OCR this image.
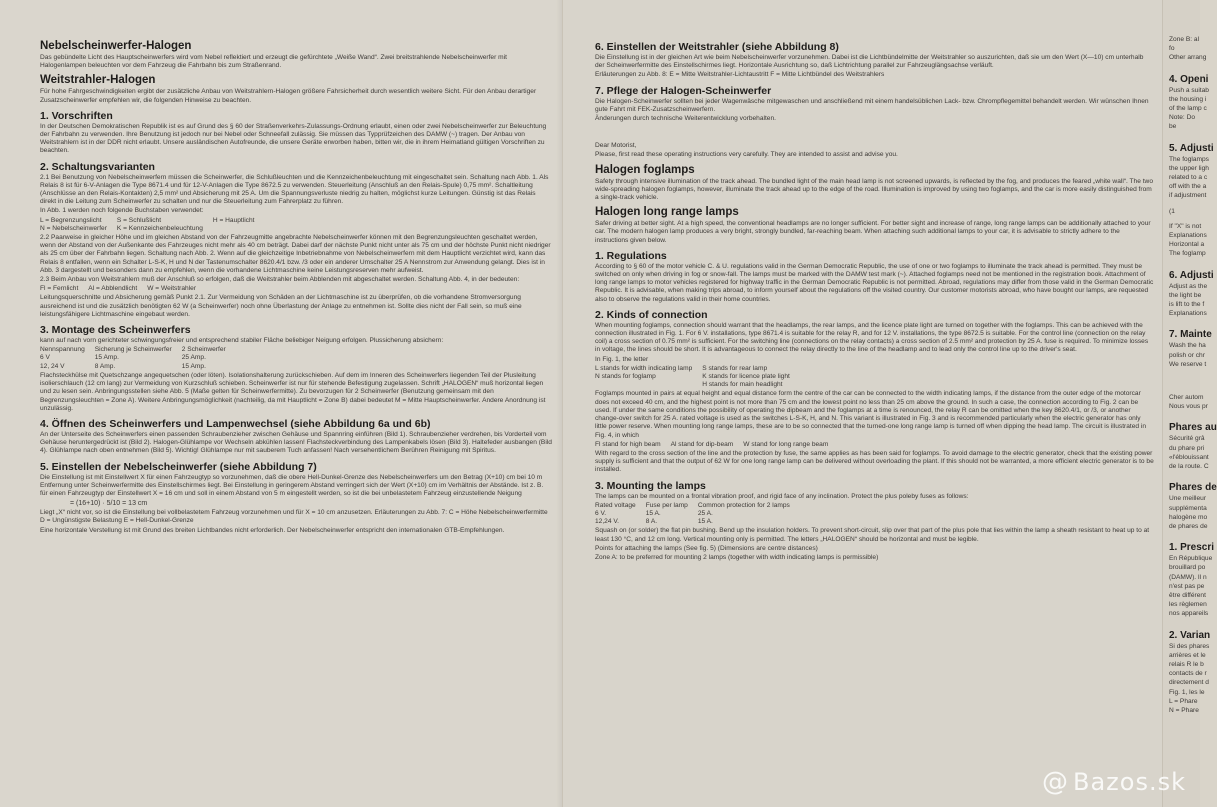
Nebelscheinwerfer-Halogen

Das gebündelte Licht des Hauptscheinwerfers wird vom Nebel reflektiert und erzeugt die gefürchtete „Weiße Wand“. Zwei breitstrahlende Nebelscheinwerfer mit Halogenlampen beleuchten vor dem Fahrzeug die Fahrbahn bis zum Straßenrand.

Weitstrahler-Halogen

Für hohe Fahrgeschwindigkeiten ergibt der zusätzliche Anbau von Weitstrahlern-Halogen größere Fahrsicherheit durch wesentlich weitere Sicht. Für den Anbau derartiger Zusatzscheinwerfer empfehlen wir, die folgenden Hinweise zu beachten.

1. Vorschriften

In der Deutschen Demokratischen Republik ist es auf Grund des § 60 der Straßenverkehrs-Zulassungs-Ordnung erlaubt, einen oder zwei Nebelscheinwerfer zur Beleuchtung der Fahrbahn zu verwenden. Ihre Benutzung ist jedoch nur bei Nebel oder Schneefall zulässig. Sie müssen das Typprüfzeichen des DAMW (~) tragen. Der Anbau von Weitstrahlern ist in der DDR nicht erlaubt. Unsere ausländischen Autofreunde, die unsere Geräte erworben haben, bitten wir, die in ihrem Heimatland gültigen Vorschriften zu beachten.

2. Schaltungsvarianten

2.1 Bei Benutzung von Nebelscheinwerfern müssen die Scheinwerfer, die Schlußleuchten und die Kennzeichenbeleuchtung mit eingeschaltet sein. Schaltung nach Abb. 1. Als Relais 8 ist für 6-V-Anlagen die Type 8671.4 und für 12-V-Anlagen die Type 8672.5 zu verwenden. Steuerleitung (Anschluß an den Relais-Spule) 0,75 mm². Schaltleitung (Anschlüsse an den Relais-Kontakten) 2,5 mm² und Absicherung mit 25 A. Um die Spannungsverluste niedrig zu halten, möglichst kurze Leitungen. Günstig ist das Relais direkt in die Leitung zum Scheinwerfer zu schalten und nur die Steuerleitung zum Fahrerplatz zu führen.

In Abb. 1 werden noch folgende Buchstaben verwendet:

L = Begrenzungslicht	S = Schlußlicht	H = Hauptlicht
N = Nebelscheinwerfer	K = Kennzeichenbeleuchtung	

2.2 Paarweise in gleicher Höhe und im gleichen Abstand von der Fahrzeugmitte angebrachte Nebelscheinwerfer können mit den Begrenzungsleuchten geschaltet werden, wenn der Abstand von der Außenkante des Fahrzeuges nicht mehr als 40 cm beträgt. Dabei darf der nächste Punkt nicht unter als 75 cm und der höchste Punkt nicht niedriger als 25 cm über der Fahrbahn liegen. Schaltung nach Abb. 2. Wenn auf die gleichzeitige Inbetriebnahme von Nebelscheinwerfern mit dem Hauptlicht verzichtet wird, kann das Relais 8 entfallen, wenn ein Schalter L-S-K, H und N der Tastenumschalter 8620.4/1 bzw. /3 oder ein anderer Umschalter 25 A Nennstrom zur Anwendung gelangt. Dies ist in Abb. 3 dargestellt und besonders dann zu empfehlen, wenn die vorhandene Lichtmaschine keine Leistungsreserven mehr aufweist.

2.3 Beim Anbau von Weitstrahlern muß der Anschluß so erfolgen, daß die Weitstrahler beim Abblenden mit abgeschaltet werden. Schaltung Abb. 4, in der bedeuten:

Fl = Fernlicht	Al = Abblendlicht	W = Weitstrahler

Leitungsquerschnitte und Absicherung gemäß Punkt 2.1. Zur Vermeidung von Schäden an der Lichtmaschine ist zu überprüfen, ob die vorhandene Stromversorgung ausreichend ist und die zusätzlich benötigten 62 W (a Scheinwerfer) noch ohne Überlastung der Anlage zu entnehmen ist. Sollte dies nicht der Fall sein, so muß eine leistungsfähigere Lichtmaschine eingebaut werden.

3. Montage des Scheinwerfers

kann auf nach vorn gerichteter schwingungsfreier und entsprechend stabiler Fläche beliebiger Neigung erfolgen. Plussicherung absichern:

Nennspannung	Sicherung je Scheinwerfer	2 Scheinwerfer
6 V	15 Amp.	25 Amp.
12, 24 V	8 Amp.	15 Amp.

Flachsteckhülse mit Quetschzange angequetschen (oder löten). Isolationshalterung zurückschieben. Auf dem im Inneren des Scheinwerfers liegenden Teil der Plusleitung isolierschlauch (12 cm lang) zur Vermeidung von Kurzschluß schieben. Scheinwerfer ist nur für stehende Befestigung zugelassen. Schrift „HALOGEN“ muß horizontal liegen und zu lesen sein. Anbringungsstellen siehe Abb. 5 (Maße gelten für Scheinwerfermitte). Zu bevorzugen für 2 Scheinwerfer (Benutzung gemeinsam mit den Begrenzungsleuchten = Zone A). Weitere Anbringungsmöglichkeit (nachteilig, da mit Hauptlicht = Zone B) dabei bedeutet M = Mitte Hauptscheinwerfer. Andere Anordnung ist unzulässig.

4. Öffnen des Scheinwerfers und Lampenwechsel (siehe Abbildung 6a und 6b)

An der Unterseite des Scheinwerfers einen passenden Schraubenzieher zwischen Gehäuse und Spannring einführen (Bild 1). Schraubenzieher verdrehen, bis Vorderteil vom Gehäuse heruntergedrückt ist (Bild 2). Halogen-Glühlampe vor Wechseln abkühlen lassen! Flachsteckverbindung des Lampenkabels lösen (Bild 3). Haltefeder ausbangen (Bild 4). Glühlampe nach oben entnehmen (Bild 5). Wichtig! Glühlampe nur mit sauberem Tuch anfassen! Nach versehentlichem Berühren Reinigung mit Spiritus.

5. Einstellen der Nebelscheinwerfer (siehe Abbildung 7)

Die Einstellung ist mit Einstellwert X für einen Fahrzeugtyp so vorzunehmen, daß die obere Hell-Dunkel-Grenze des Nebelscheinwerfers um den Betrag (X+10) cm bei 10 m Entfernung unter Scheinwerfermitte des Einstellschirmes liegt. Bei Einstellung in geringerem Abstand verringert sich der Wert (X+10) cm im Verhältnis der Abstände. Ist z. B. für einen Fahrzeugtyp der Einstellwert X = 16 cm und soll in einem Abstand von 5 m eingestellt werden, so ist die bei unbelastetem Fahrzeug einzustellende Neigung

= (16+10) · 5/10 = 13 cm

Liegt „X“ nicht vor, so ist die Einstellung bei vollbelastetem Fahrzeug vorzunehmen und für X = 10 cm anzusetzen. Erläuterungen zu Abb. 7: C = Höhe Nebelscheinwerfermitte D = Ungünstigste Belastung E = Hell-Dunkel-Grenze

Eine horizontale Verstellung ist mit Grund des breiten Lichtbandes nicht erforderlich. Der Nebelscheinwerfer entspricht den internationalen GTB-Empfehlungen.

6. Einstellen der Weitstrahler (siehe Abbildung 8)

Die Einstellung ist in der gleichen Art wie beim Nebelscheinwerfer vorzunehmen. Dabei ist die Lichtbündelmitte der Weitstrahler so auszurichten, daß sie um den Wert (X—10) cm unterhalb der Scheinwerfermitte des Einstellschirmes liegt. Horizontale Ausrichtung so, daß Lichtrichtung parallel zur Fahrzeuglängsachse verläuft.

Erläuterungen zu Abb. 8: E = Mitte Weitstrahler-Lichtaustritt F = Mitte Lichtbündel des Weitstrahlers

7. Pflege der Halogen-Scheinwerfer

Die Halogen-Scheinwerfer sollten bei jeder Wagenwäsche mitgewaschen und anschließend mit einem handelsüblichen Lack- bzw. Chrompflegemittel behandelt werden. Wir wünschen Ihnen gute Fahrt mit FEK-Zusatzscheinwerfern.

Änderungen durch technische Weiterentwicklung vorbehalten.

Dear Motorist,

Please, first read these operating instructions very carefully. They are intended to assist and advise you.

Halogen foglamps

Safety through intensive illumination of the track ahead. The bundled light of the main head lamp is not screened upwards, is reflected by the fog, and produces the feared „white wall“. The two wide-spreading halogen foglamps, however, illuminate the track ahead up to the edge of the road. Illumination is improved by using two foglamps, and the car is more easily distinguished from a single-track vehicle.

Halogen long range lamps

Safer driving at better sight. At a high speed, the conventional headlamps are no longer sufficient. For better sight and increase of range, long range lamps can be additionally attached to your car. The modern halogen lamp produces a very bright, strongly bundled, far-reaching beam. When attaching such additional lamps to your car, it is advisable to strictly adhere to the instructions given below.

1. Regulations

According to § 60 of the motor vehicle C. & U. regulations valid in the German Democratic Republic, the use of one or two foglamps to illuminate the track ahead is permitted. They must be switched on only when driving in fog or snow-fall. The lamps must be marked with the DAMW test mark (~). Attached foglamps need not be mentioned in the registration book. Attachment of long range lamps to motor vehicles registered for highway traffic in the German Democratic Republic is not permitted. Abroad, regulations may differ from those valid in the German Democratic Republic. It is advisable, when making trips abroad, to inform yourself about the regulations off the visited country. Our customer motorists abroad, who have bought our lamps, are requested also to observe the regulations valid in their home countries.

2. Kinds of connection

When mounting foglamps, connection should warrant that the headlamps, the rear lamps, and the licence plate light are turned on together with the foglamps. This can be achieved with the connection illustrated in Fig. 1. For 6 V. installations, type 8671.4 is suitable for the relay R, and for 12 V. installations, the type 8672.5 is suitable. For the control line (connection on the relay coil) a cross section of 0.75 mm² is sufficient. For the switching line (connections on the relay contacts) a cross section of 2.5 mm² and protection by 25 A. fuse is required. To minimize losses in voltage, the lines should be short. It is advantageous to connect the relay directly to the line of the headlamp and to lead only the control line up to the driver's seat.

In Fig. 1, the letter

L stands for width indicating lamp	S stands for rear lamp
N stands for foglamp	K stands for licence plate light
	H stands for main headlight

Foglamps mounted in pairs at equal height and equal distance form the centre of the car can be connected to the width indicating lamps, if the distance from the outer edge of the motorcar does not exceed 40 cm, and the highest point is not more than 75 cm and the lowest point no less than 25 cm above the ground. In such a case, the connection according to Fig. 2 can be used. If under the same conditions the possibility of operating the dipbeam and the foglamps at a time is renounced, the relay R can be omitted when the key 8620.4/1, or /3, or another change-over switch for 25 A. rated voltage is used as the switches L-S-K, H, and N. This variant is illustrated in Fig. 3 and is recommended particularly when the electric generator has only little power reserve. When mounting long range lamps, these are to be so connected that the turned-one long range lamp is turned off when dipping the head lamp. The circuit is illustrated in Fig. 4, in which

Fl stand for high beam	Al stand for dip-beam	W stand for long range beam

With regard to the cross section of the line and the protection by fuse, the same applies as has been said for foglamps. To avoid damage to the electric generator, check that the existing power supply is sufficient and that the output of 62 W for one long range lamp can be delivered without overloading the plant. If this should not be warranted, a more efficient electric generator is to be installed.

3. Mounting the lamps

The lamps can be mounted on a frontal vibration proof, and rigid face of any inclination. Protect the plus poleby fuses as follows:

Rated voltage	Fuse per lamp	Common protection for 2 lamps
6 V.	15 A.	25 A.
12,24 V.	8 A.	15 A.

Squash on (or solder) the flat pin bushing. Bend up the insulation holders. To prevent short-circuit, slip over that part of the plus pole that lies within the lamp a sheath resistant to heat up to at least 130 °C, and 12 cm long. Vertical mounting only is permitted. The letters „HALOGEN“ should be horizontal and must be legible.

Points for attaching the lamps (See fig. 5) (Dimensions are centre distances)

Zone A: to be preferred for mounting 2 lamps (together with width indicating lamps is permissible)

Zone B: al

fo

Other arrang

4. Openi

Push a suitab

the housing i

of the lamp c

Note: Do

be

5. Adjusti

The foglamps

the upper ligh

related to a c

off with the a

if adjustment

(1

If "X" is not

Explanations

Horizontal a

The foglamp

6. Adjusti

Adjust as the

the light be

is lift to the f

Explanations

7. Mainte

Wash the ha

polish or chr

We reserve t

Cher autom

Nous vous pr

Phares au

Sécurité grâ

du phare pri

«l'éblouissant

de la route. C

Phares de

Une meilleur

supplémenta

halogène mo

de phares de

1. Prescri

En République

brouillard po

(DAMW). Il n

n'est pas pe

être différent

les règlemen

nos appareils

2. Varian

Si des phares

arrières et le

relais R le b

contacts de r

directement d

Fig. 1, les le

L = Phare

N = Phare

@ Bazos.sk
